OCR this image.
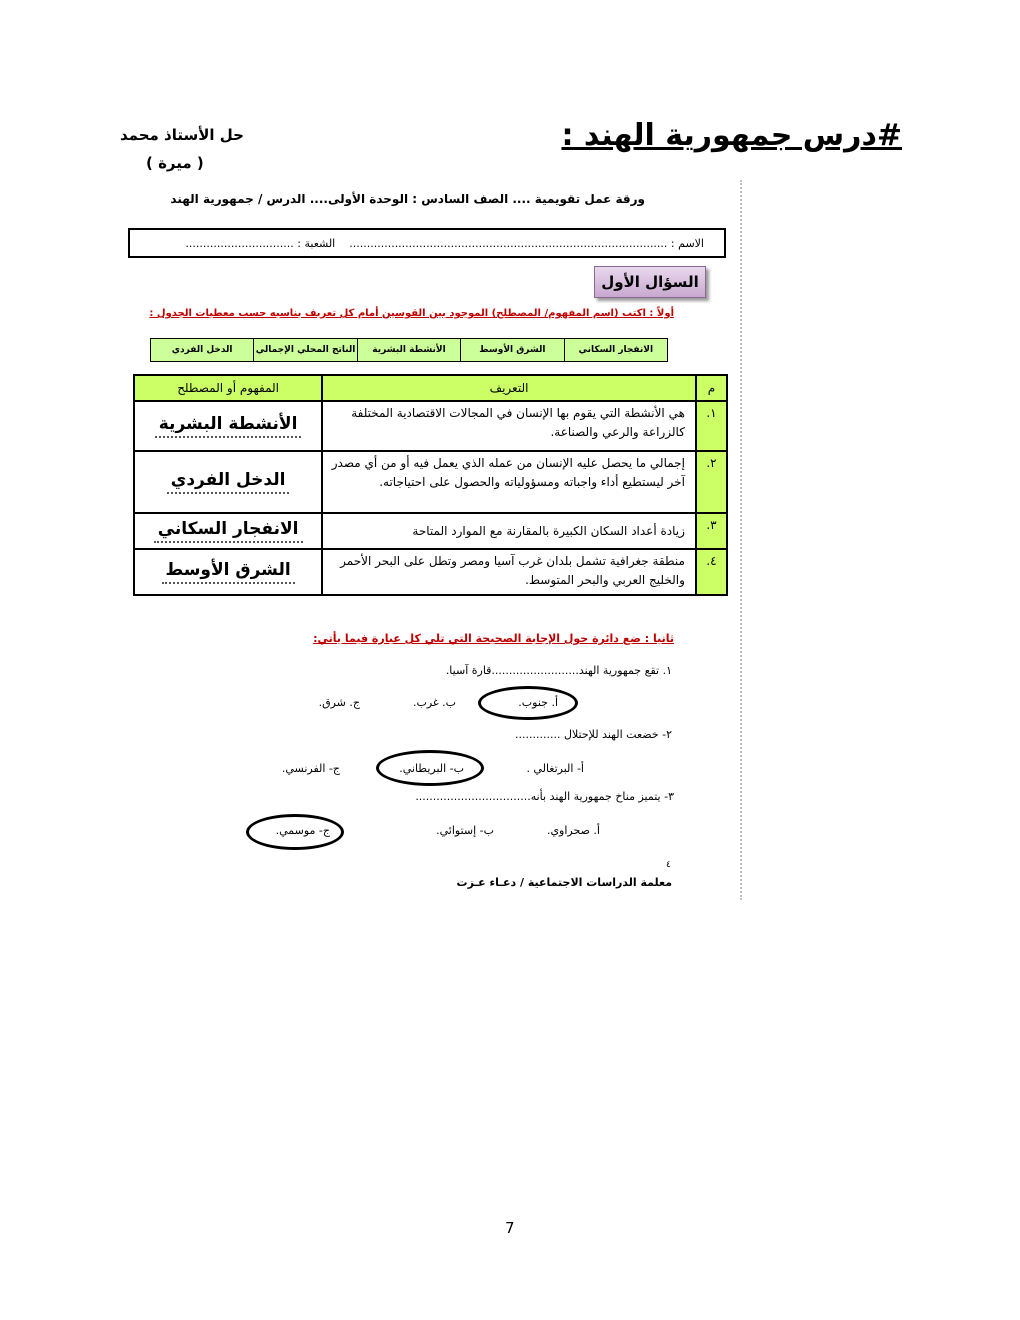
#درس جمهورية الهند :
حل الأستاذ محمد
( ميرة )
ورقة عمل تقويمية .... الصف السادس : الوحدة الأولى.... الدرس / جمهورية الهند
الاسم : ...........................................................................................
الشعبة : ...............................
السؤال الأول
أولاً : اكتب (اسم المفهوم/ المصطلح) الموجود بين القوسين أمام كل تعريف بناسبه حسب معطيات الجدول :
الانفجار السكاني
الشرق الأوسط
الأنشطة البشرية
الناتج المحلي الإجمالي
الدخل الفردي
م	التعريف	المفهوم أو المصطلح
١.	هي الأنشطة التي يقوم بها الإنسان في المجالات الاقتصادية المختلفة كالزراعة والرعي والصناعة.	الأنشطة البشرية
٢.	إجمالي ما يحصل عليه الإنسان من عمله الذي يعمل فيه أو من أي مصدر آخر ليستطيع أداء واجباته ومسؤولياته والحصول على احتياجاته.	الدخل الفردي
٣.	زيادة أعداد السكان الكبيرة بالمقارنة مع الموارد المتاحة	الانفجار السكاني
٤.	منطقة جغرافية تشمل بلدان غرب آسيا ومصر وتطل على البحر الأحمر والخليج العربي والبحر المتوسط.	الشرق الأوسط
ثانيا : ضع دائرة حول الإجابة الصحيحة التي تلي كل عبارة فيما يأتي:
١. تقع جمهورية الهند.........................قارة آسيا.
أ. جنوب.
ب. غرب.
ج. شرق.
٢- خضعت الهند للإحتلال .............
أ- البرتغالي .
ب- البريطاني.
ج- الفرنسي.
٣- يتميز مناخ جمهورية الهند بأنه.................................
أ. صحراوي.
ب- إستوائي.
ج- موسمي.
٤
معلمة الدراسات الاجتماعية / دعـاء عـزت
7
